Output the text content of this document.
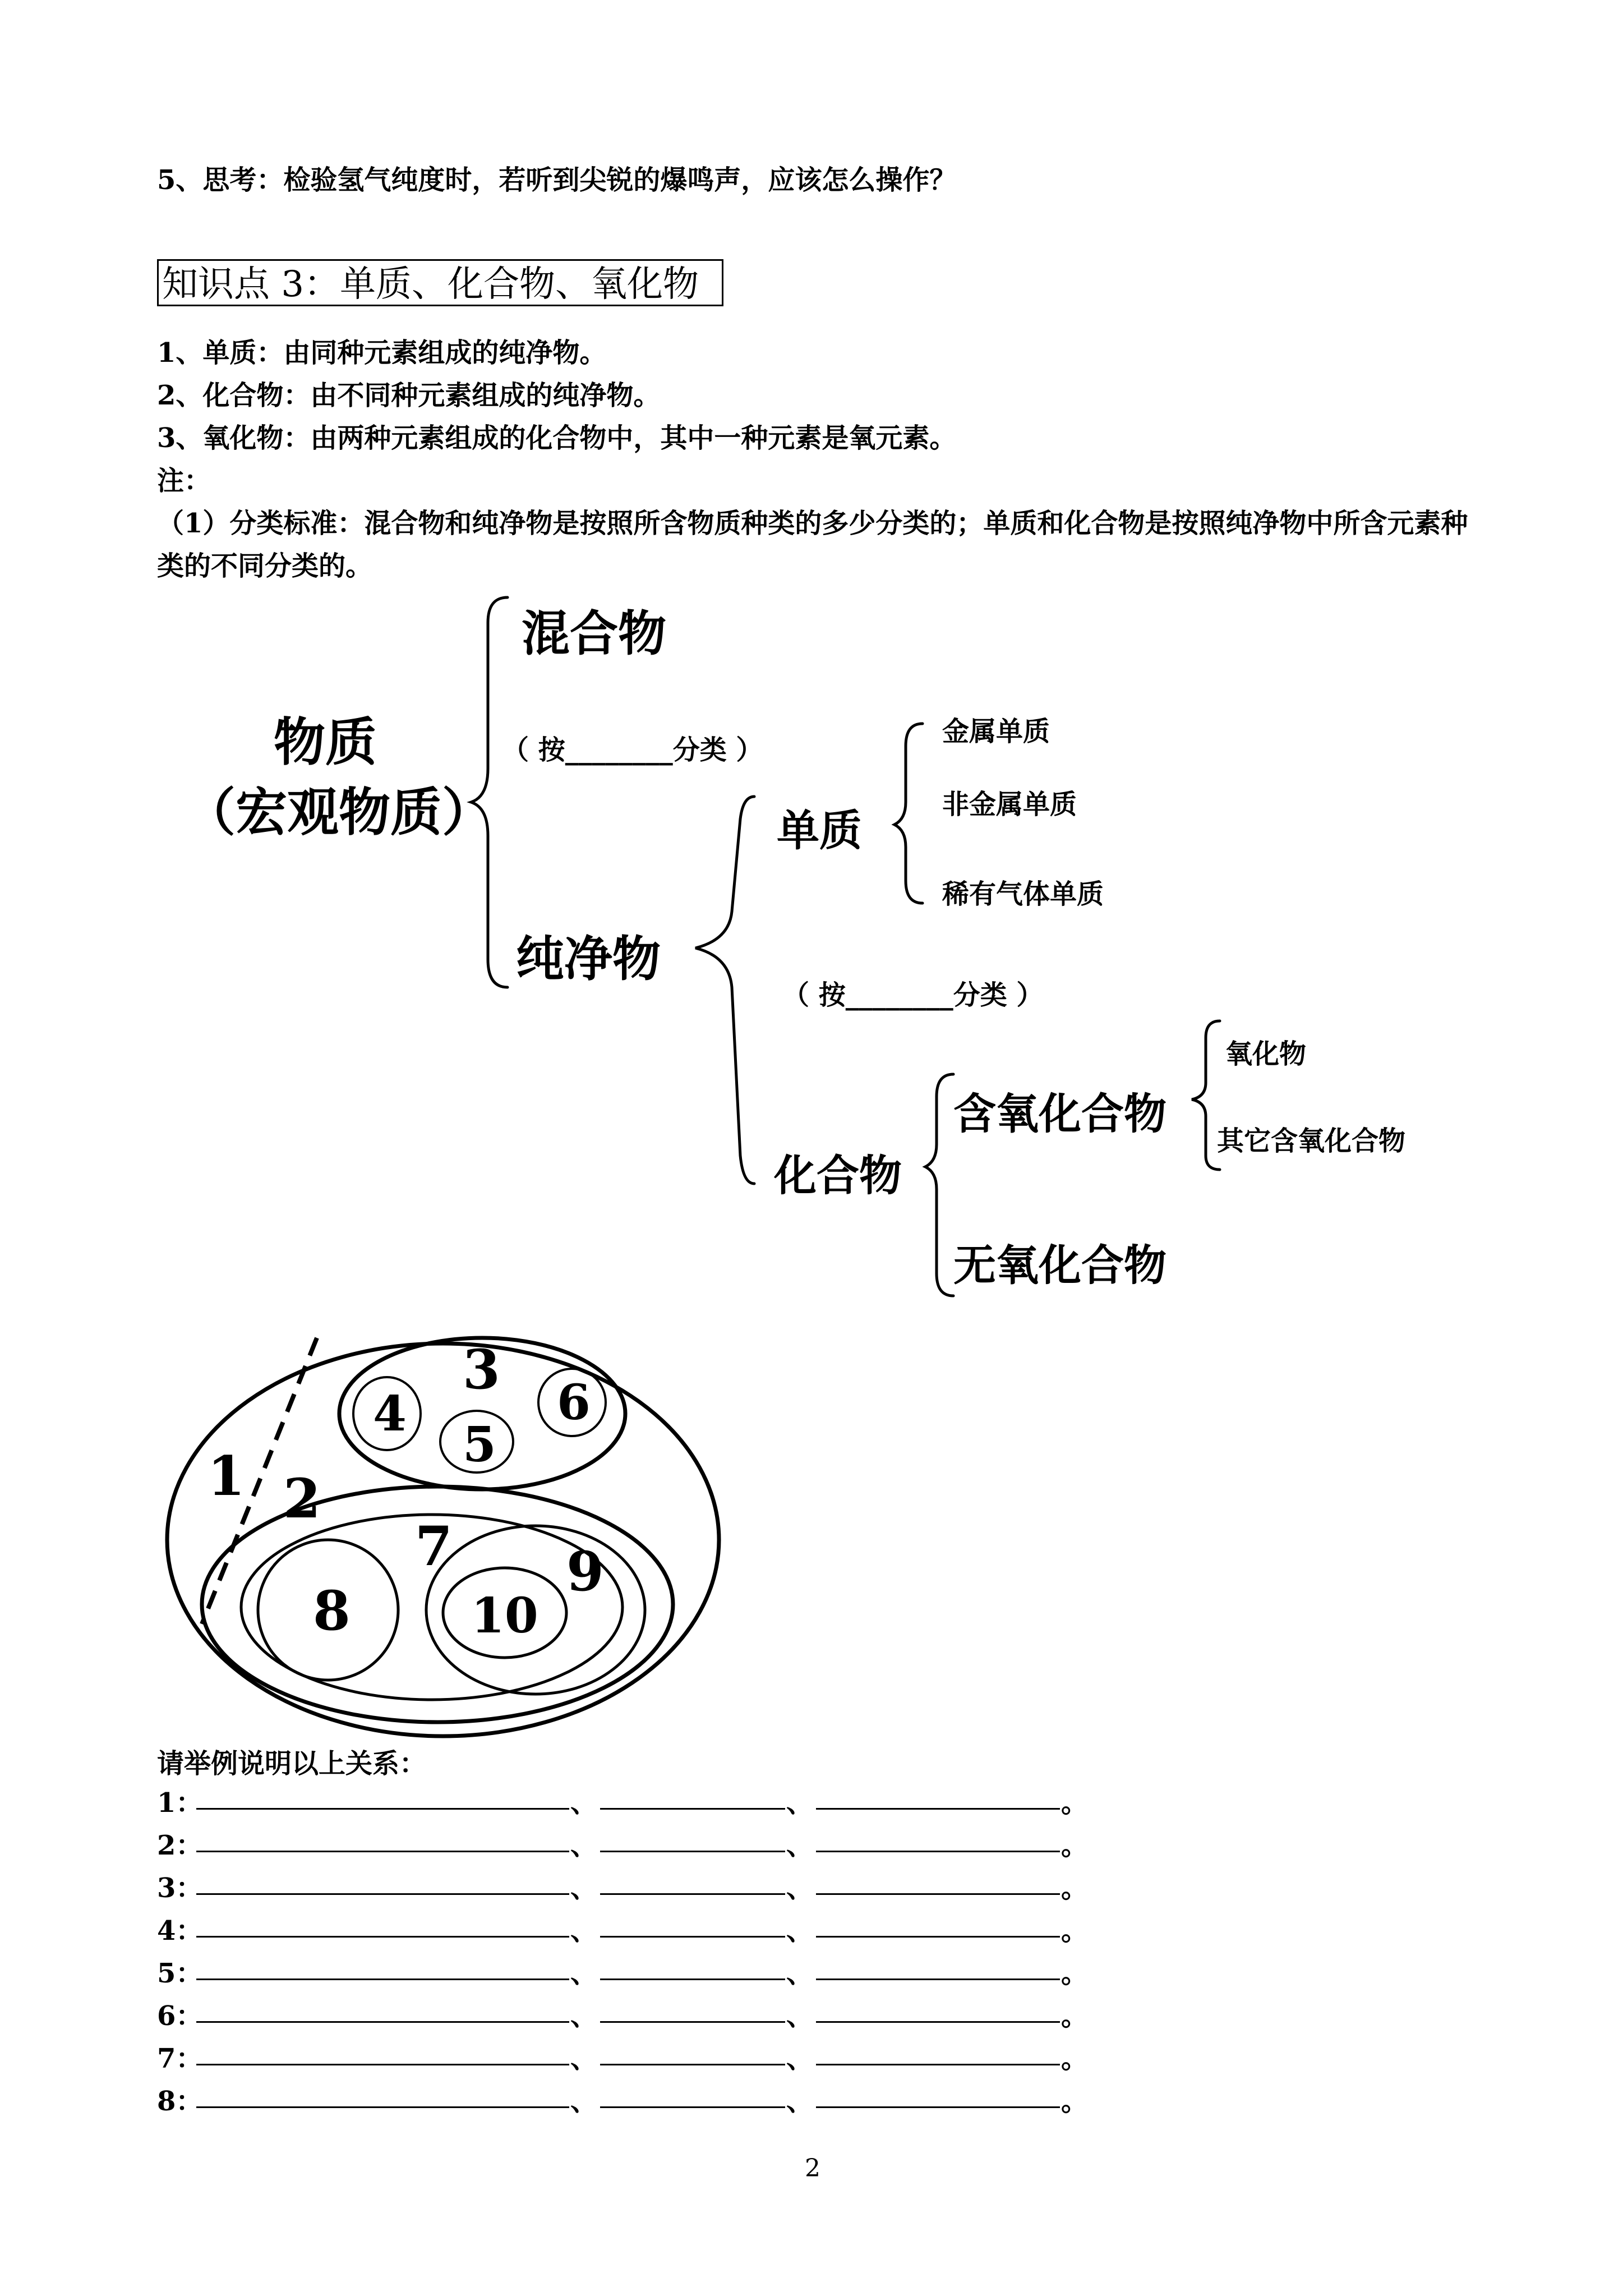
5、思考：检验氢气纯度时，若听到尖锐的爆鸣声，应该怎么操作？
知识点 3：单质、化合物、氧化物
1、单质：由同种元素组成的纯净物。
2、化合物：由不同种元素组成的纯净物。
3、氧化物：由两种元素组成的化合物中，其中一种元素是氧元素。
注：
（1）分类标准：混合物和纯净物是按照所含物质种类的多少分类的；单质和化合物是按照纯净物中所含元素种
类的不同分类的。
物质
（宏观物质）
混合物
（ 按________分类 ）
纯净物
单质
金属单质
非金属单质
稀有气体单质
（ 按________分类 ）
化合物
含氧化合物
氧化物
其它含氧化合物
无氧化合物
1 2
3
4
5
6
7
8
9
10
请举例说明以上关系：
1：	、	、	。
2：	、	、	。
3：	、	、	。
4：	、	、	。
5：	、	、	。
6：	、	、	。
7：	、	、	。
8：	、	、	。
2
